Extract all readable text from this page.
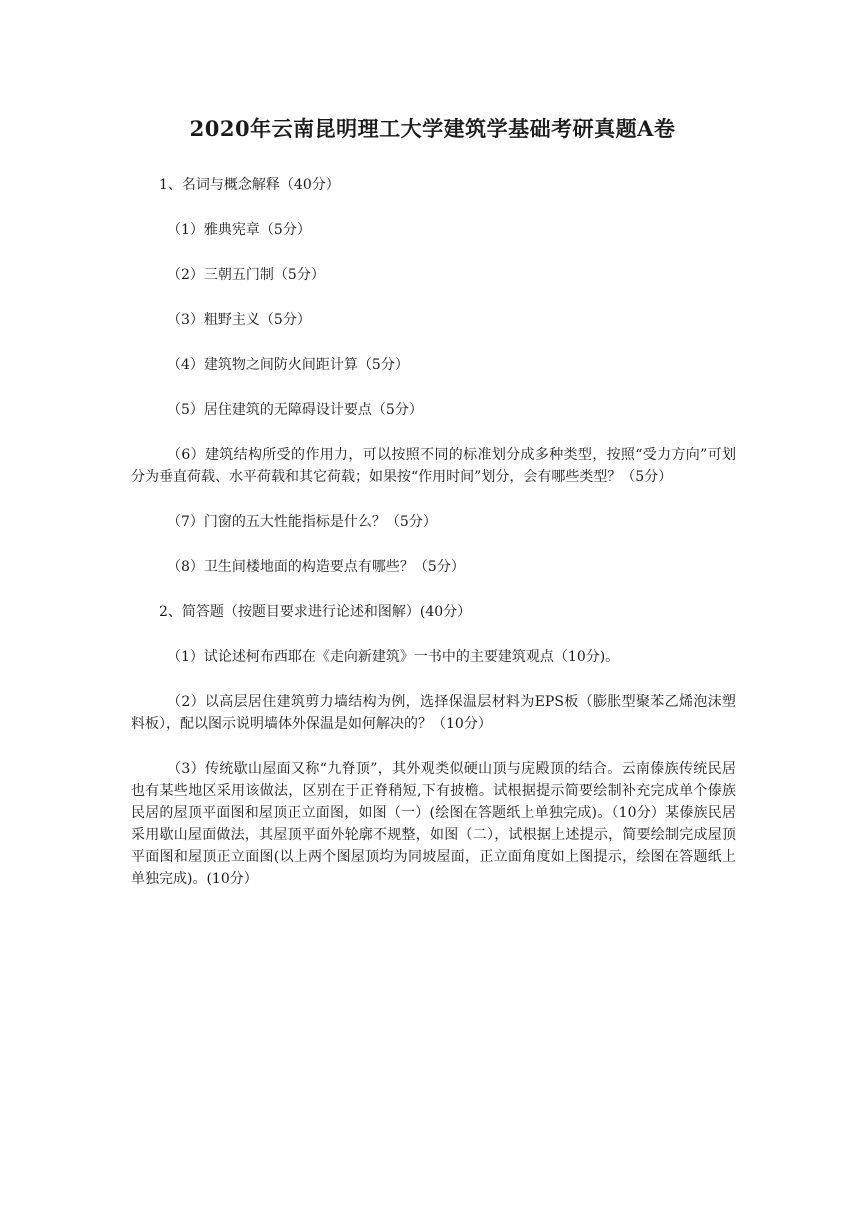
2020年云南昆明理工大学建筑学基础考研真题A卷

1、名词与概念解释（40分）

（1）雅典宪章（5分）

（2）三朝五门制（5分）

（3）粗野主义（5分）

（4）建筑物之间防火间距计算（5分）

（5）居住建筑的无障碍设计要点（5分）

（6）建筑结构所受的作用力，可以按照不同的标准划分成多种类型，按照“受力方向”可划分为垂直荷载、水平荷载和其它荷载；如果按“作用时间”划分，会有哪些类型？（5分）

（7）门窗的五大性能指标是什么？（5分）

（8）卫生间楼地面的构造要点有哪些？（5分）

2、简答题（按题目要求进行论述和图解）(40分）

（1）试论述柯布西耶在《走向新建筑》一书中的主要建筑观点（10分)。

（2）以高层居住建筑剪力墙结构为例，选择保温层材料为EPS板（膨胀型聚苯乙烯泡沫塑料板），配以图示说明墙体外保温是如何解决的？（10分）

（3）传统歇山屋面又称“九脊顶”，其外观类似硬山顶与庑殿顶的结合。云南傣族传统民居也有某些地区采用该做法，区别在于正脊稍短,下有披檐。试根据提示简要绘制补充完成单个傣族民居的屋顶平面图和屋顶正立面图，如图（一）(绘图在答题纸上单独完成)。（10分）某傣族民居采用歇山屋面做法，其屋顶平面外轮廓不规整，如图（二），试根据上述提示，简要绘制完成屋顶平面图和屋顶正立面图(以上两个图屋顶均为同坡屋面，正立面角度如上图提示，绘图在答题纸上单独完成)。(10分）
